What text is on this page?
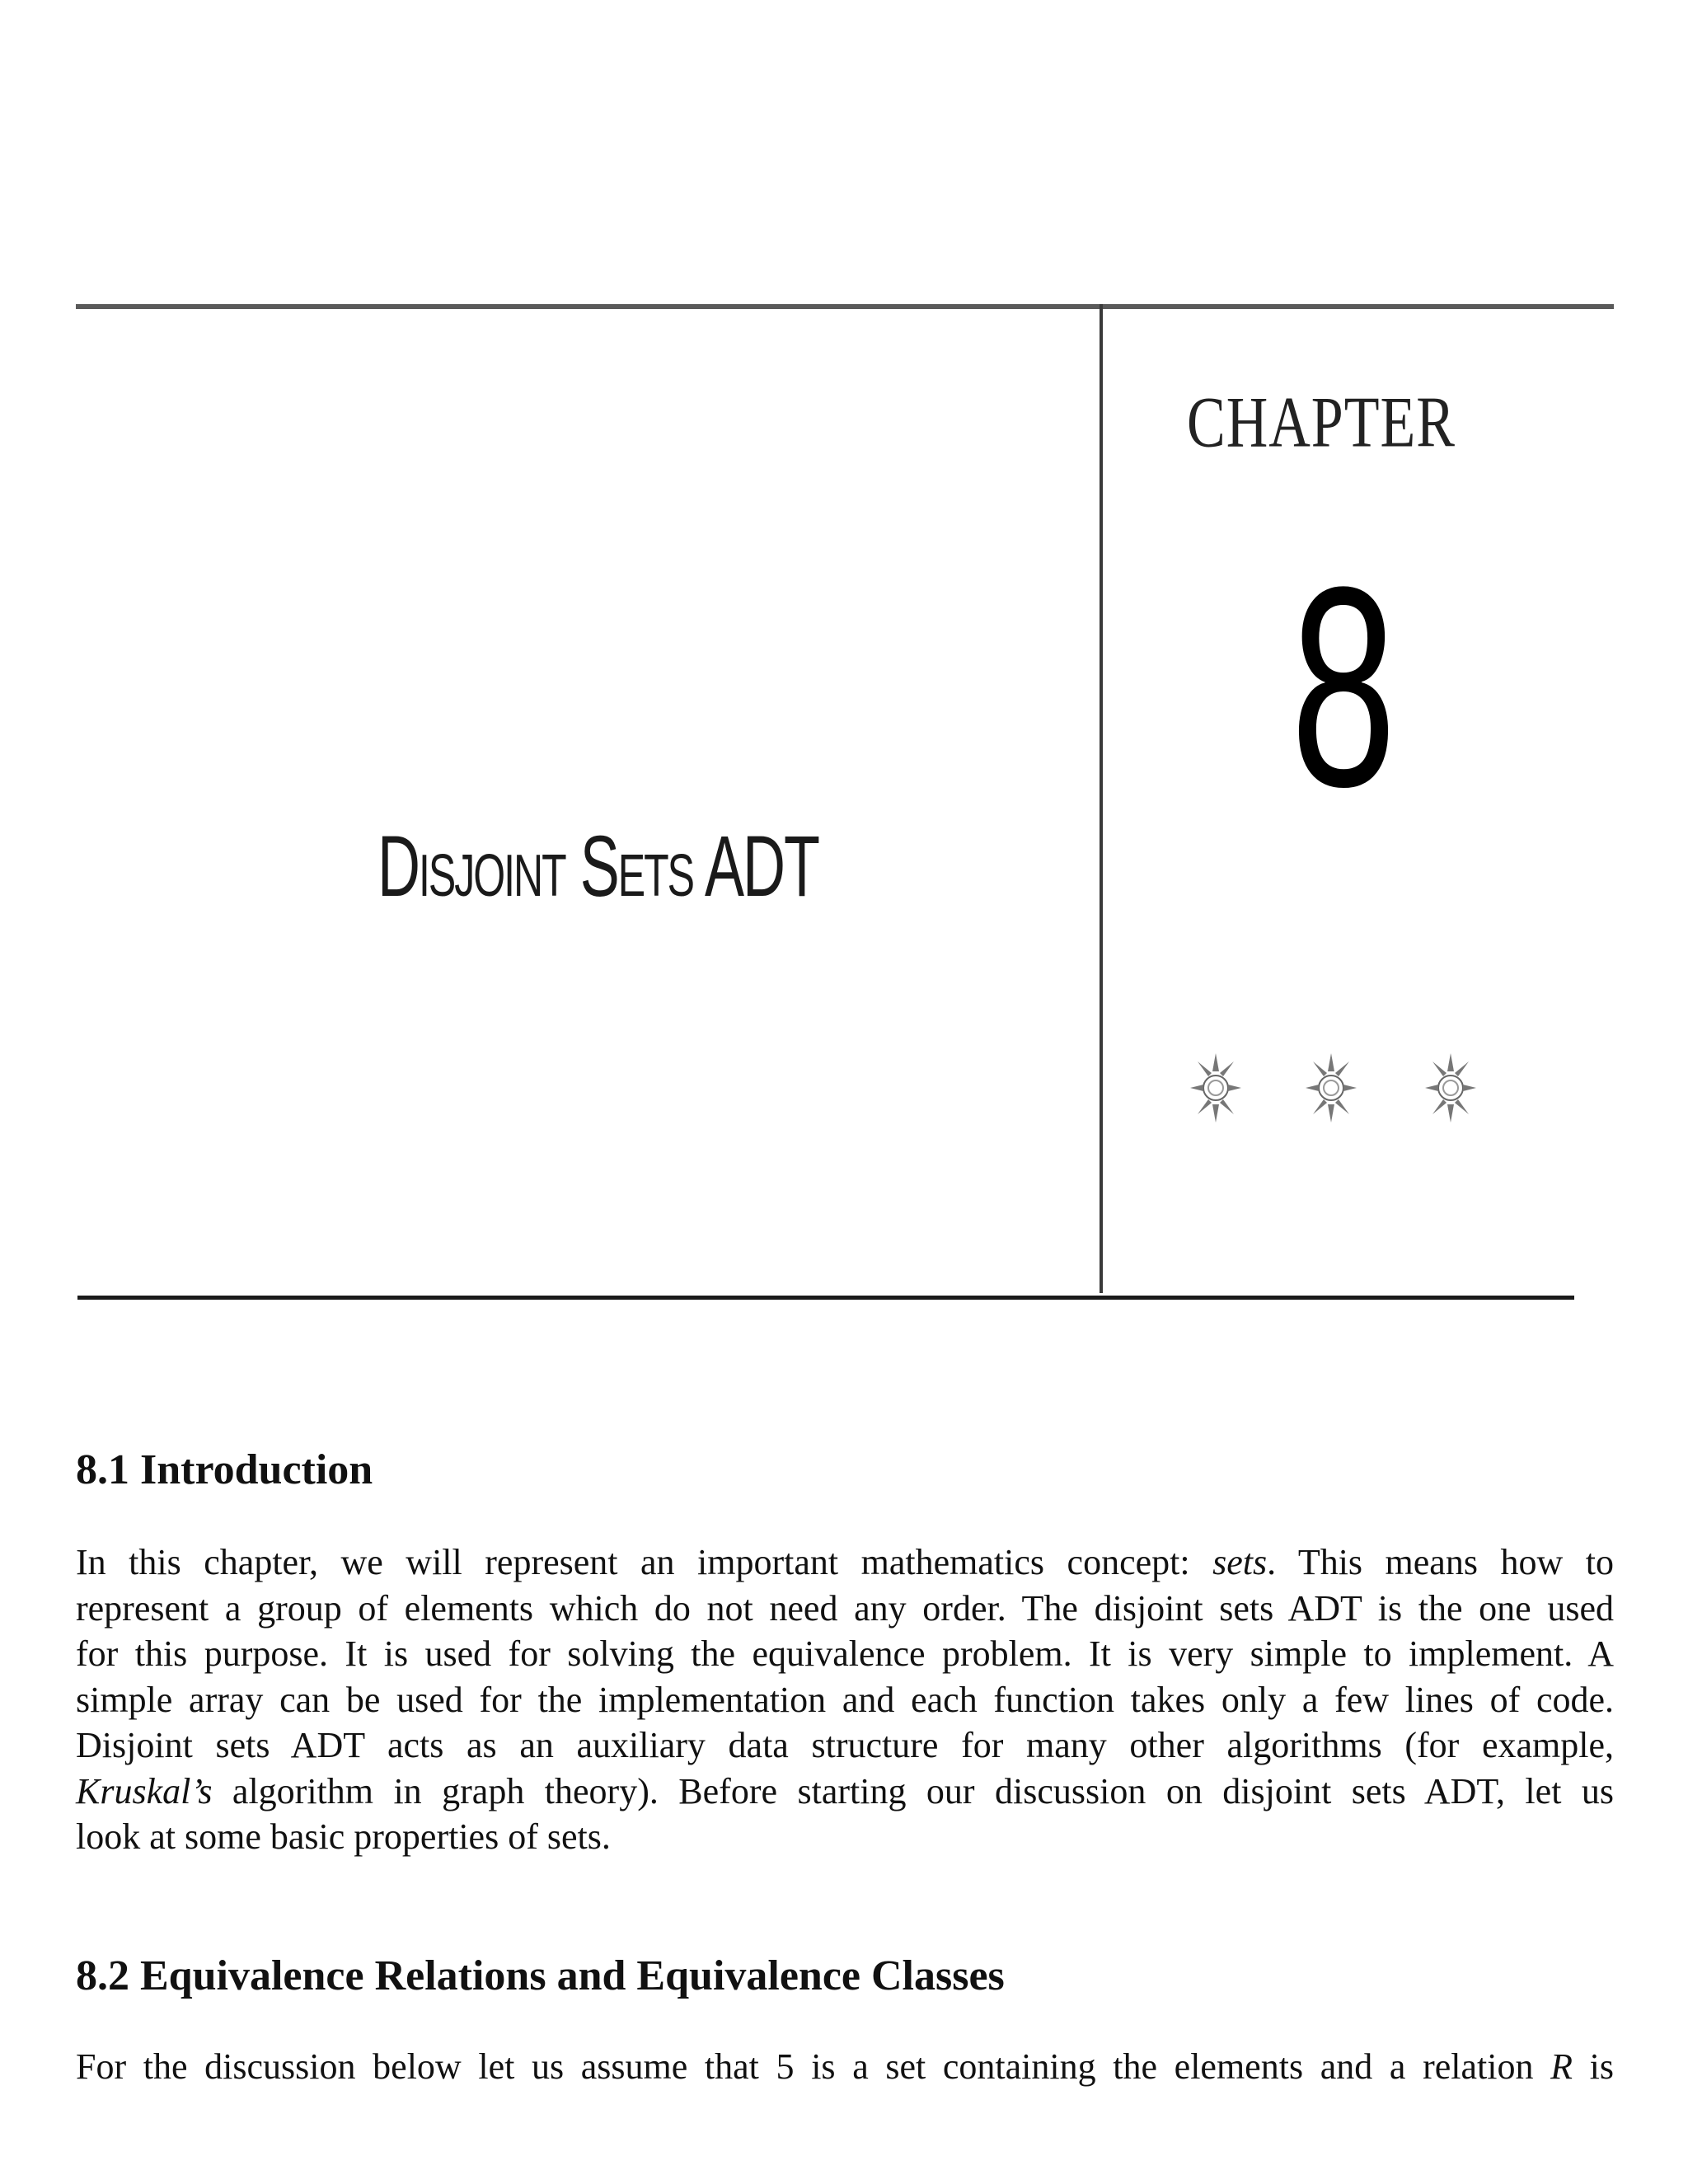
Disjoint Sets ADT
CHAPTER
8
8.1 Introduction
In this chapter, we will represent an important mathematics concept: sets. This means how to
represent a group of elements which do not need any order. The disjoint sets ADT is the one used
for this purpose. It is used for solving the equivalence problem. It is very simple to implement. A
simple array can be used for the implementation and each function takes only a few lines of code.
Disjoint sets ADT acts as an auxiliary data structure for many other algorithms (for example,
Kruskal’s algorithm in graph theory). Before starting our discussion on disjoint sets ADT, let us
look at some basic properties of sets.
8.2 Equivalence Relations and Equivalence Classes
For the discussion below let us assume that 5 is a set containing the elements and a relation R is
